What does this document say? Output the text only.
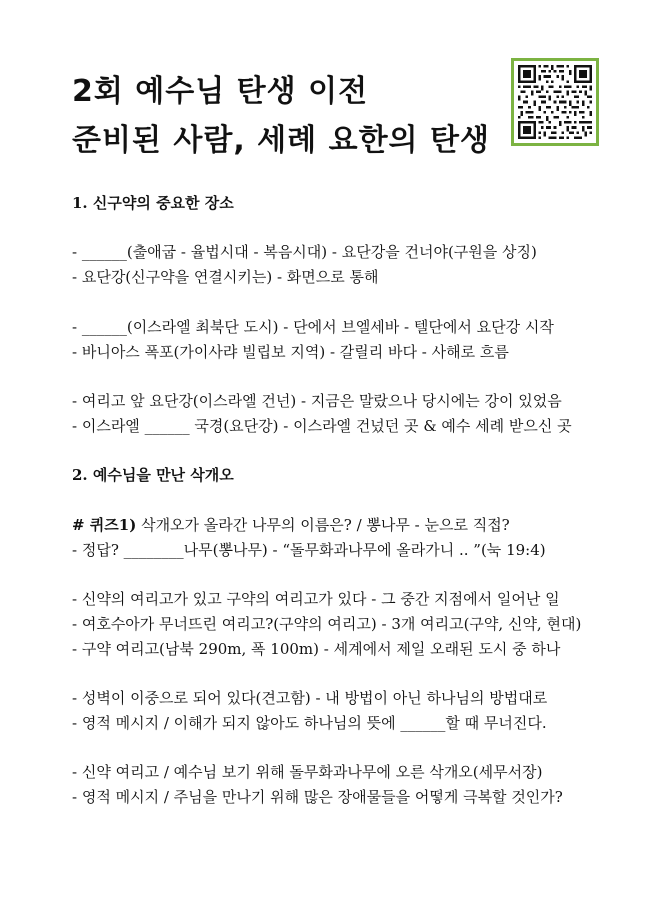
2회 예수님 탄생 이전
준비된 사람, 세례 요한의 탄생
1. 신구약의 중요한 장소
- ______(출애굽 - 율법시대 - 복음시대) - 요단강을 건너야(구원을 상징)
- 요단강(신구약을 연결시키는) - 화면으로 통해
- ______(이스라엘 최북단 도시) - 단에서 브엘세바 - 텔단에서 요단강 시작
- 바니아스 폭포(가이사랴 빌립보 지역) - 갈릴리 바다 - 사해로 흐름
- 여리고 앞 요단강(이스라엘 건넌) - 지금은 말랐으나 당시에는 강이 있었음
- 이스라엘 ______ 국경(요단강) - 이스라엘 건넜던 곳 & 예수 세례 받으신 곳
2. 예수님을 만난 삭개오
# 퀴즈1) 삭개오가 올라간 나무의 이름은? / 뽕나무 - 눈으로 직접?
- 정답? ________나무(뽕나무) - “돌무화과나무에 올라가니 .. ”(눅 19:4)
- 신약의 여리고가 있고 구약의 여리고가 있다 - 그 중간 지점에서 일어난 일
- 여호수아가 무너뜨린 여리고?(구약의 여리고) - 3개 여리고(구약, 신약, 현대)
- 구약 여리고(남북 290m, 폭 100m) - 세계에서 제일 오래된 도시 중 하나
- 성벽이 이중으로 되어 있다(견고함) - 내 방법이 아닌 하나님의 방법대로
- 영적 메시지 / 이해가 되지 않아도 하나님의 뜻에 ______할 때 무너진다.
- 신약 여리고 / 예수님 보기 위해 돌무화과나무에 오른 삭개오(세무서장)
- 영적 메시지 / 주님을 만나기 위해 많은 장애물들을 어떻게 극복할 것인가?
